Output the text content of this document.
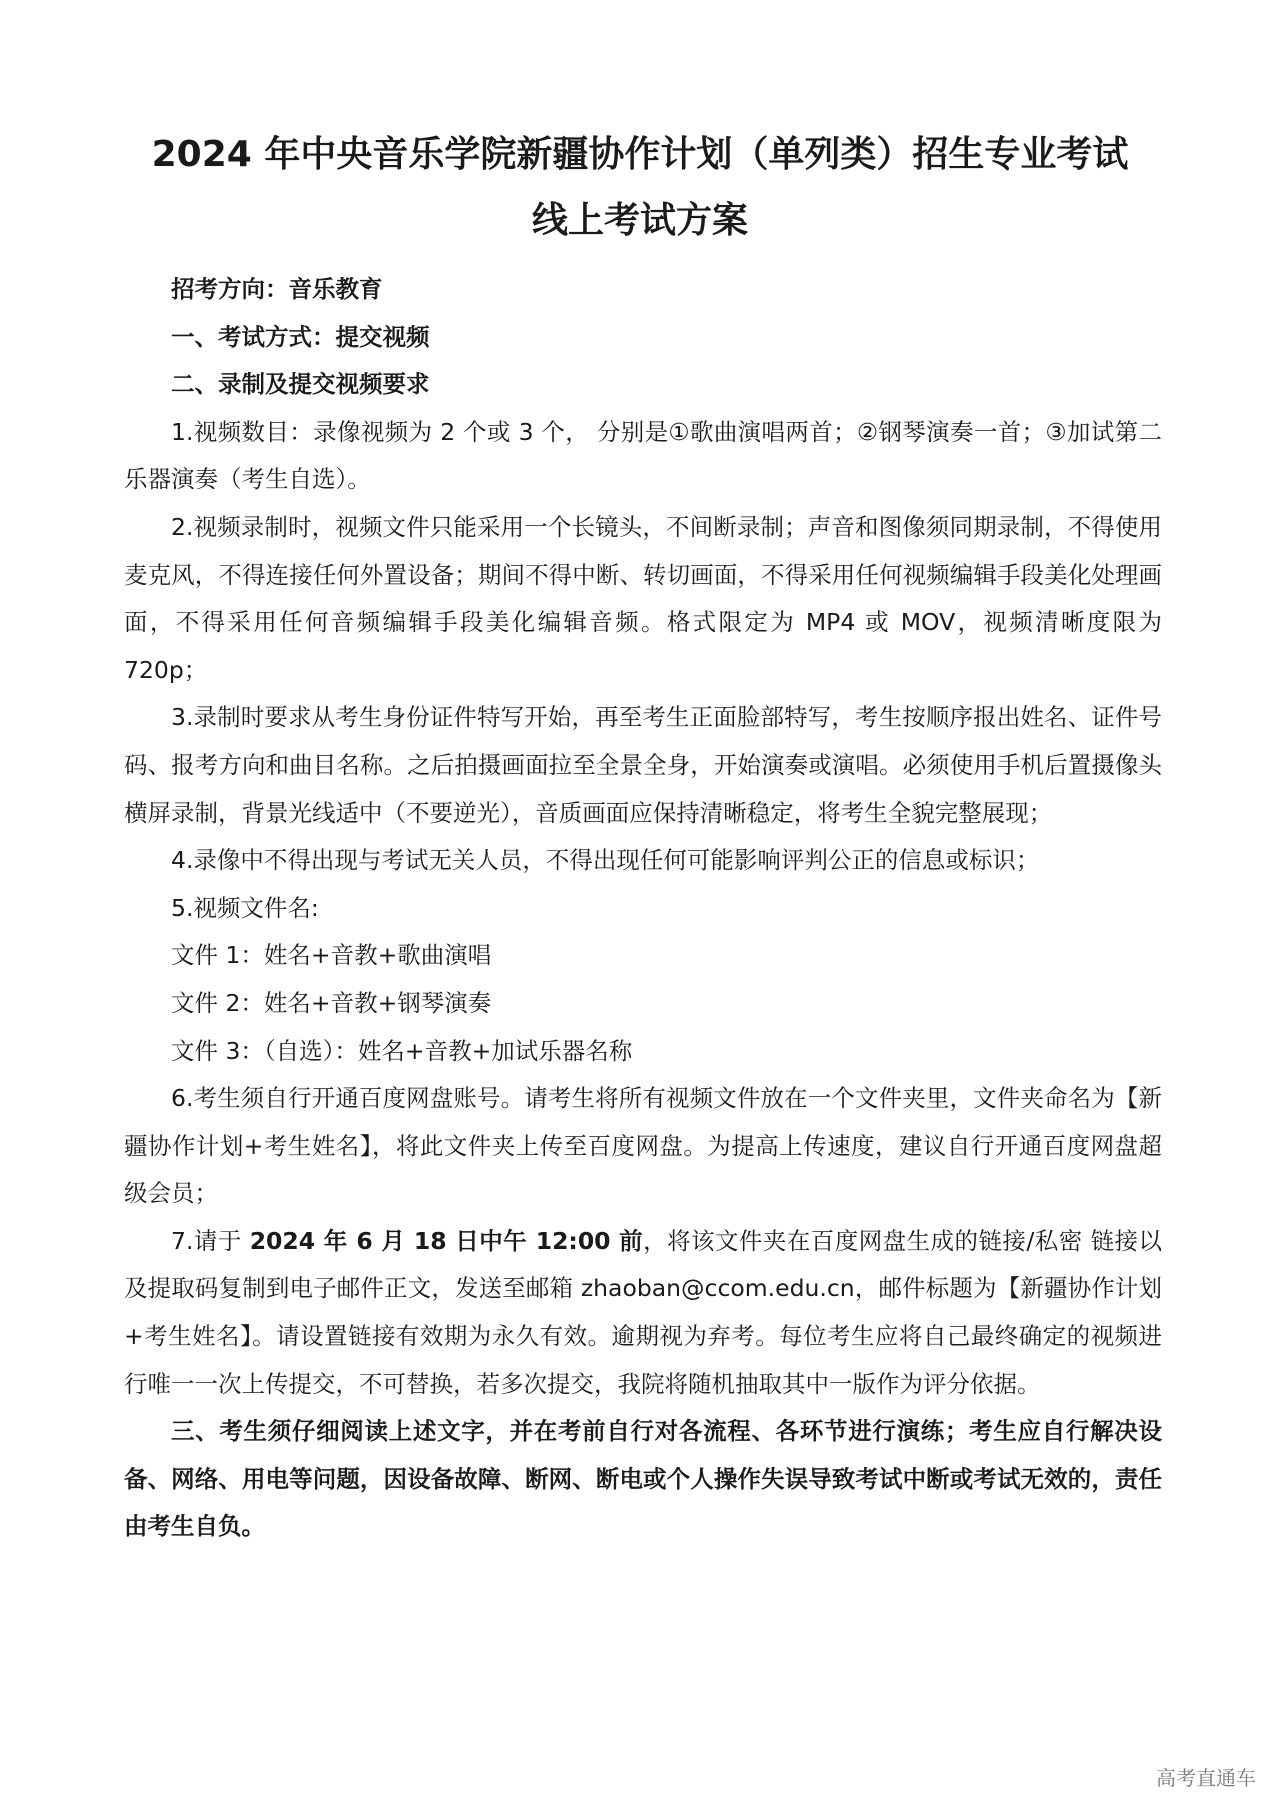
2024 年中央音乐学院新疆协作计划（单列类）招生专业考试
线上考试方案

招考方向：音乐教育

一、考试方式：提交视频

二、录制及提交视频要求

1.视频数目：录像视频为 2 个或 3 个， 分别是①歌曲演唱两首；②钢琴演奏一首；③加试第二乐器演奏（考生自选）。

2.视频录制时，视频文件只能采用一个长镜头，不间断录制；声音和图像须同期录制，不得使用麦克风，不得连接任何外置设备；期间不得中断、转切画面，不得采用任何视频编辑手段美化处理画面，不得采用任何音频编辑手段美化编辑音频。格式限定为 MP4 或 MOV，视频清晰度限为 720p；

3.录制时要求从考生身份证件特写开始，再至考生正面脸部特写，考生按顺序报出姓名、证件号码、报考方向和曲目名称。之后拍摄画面拉至全景全身，开始演奏或演唱。必须使用手机后置摄像头横屏录制，背景光线适中（不要逆光），音质画面应保持清晰稳定，将考生全貌完整展现；

4.录像中不得出现与考试无关人员，不得出现任何可能影响评判公正的信息或标识；

5.视频文件名:

文件 1：姓名+音教+歌曲演唱

文件 2：姓名+音教+钢琴演奏

文件 3：（自选）：姓名+音教+加试乐器名称

6.考生须自行开通百度网盘账号。请考生将所有视频文件放在一个文件夹里，文件夹命名为【新疆协作计划+考生姓名】，将此文件夹上传至百度网盘。为提高上传速度，建议自行开通百度网盘超级会员；

7.请于 2024 年 6 月 18 日中午 12:00 前，将该文件夹在百度网盘生成的链接/私密 链接以及提取码复制到电子邮件正文，发送至邮箱 zhaoban@ccom.edu.cn，邮件标题为【新疆协作计划+考生姓名】。请设置链接有效期为永久有效。逾期视为弃考。每位考生应将自己最终确定的视频进行唯一一次上传提交，不可替换，若多次提交，我院将随机抽取其中一版作为评分依据。

三、考生须仔细阅读上述文字，并在考前自行对各流程、各环节进行演练；考生应自行解决设备、网络、用电等问题，因设备故障、断网、断电或个人操作失误导致考试中断或考试无效的，责任由考生自负。

高考直通车
